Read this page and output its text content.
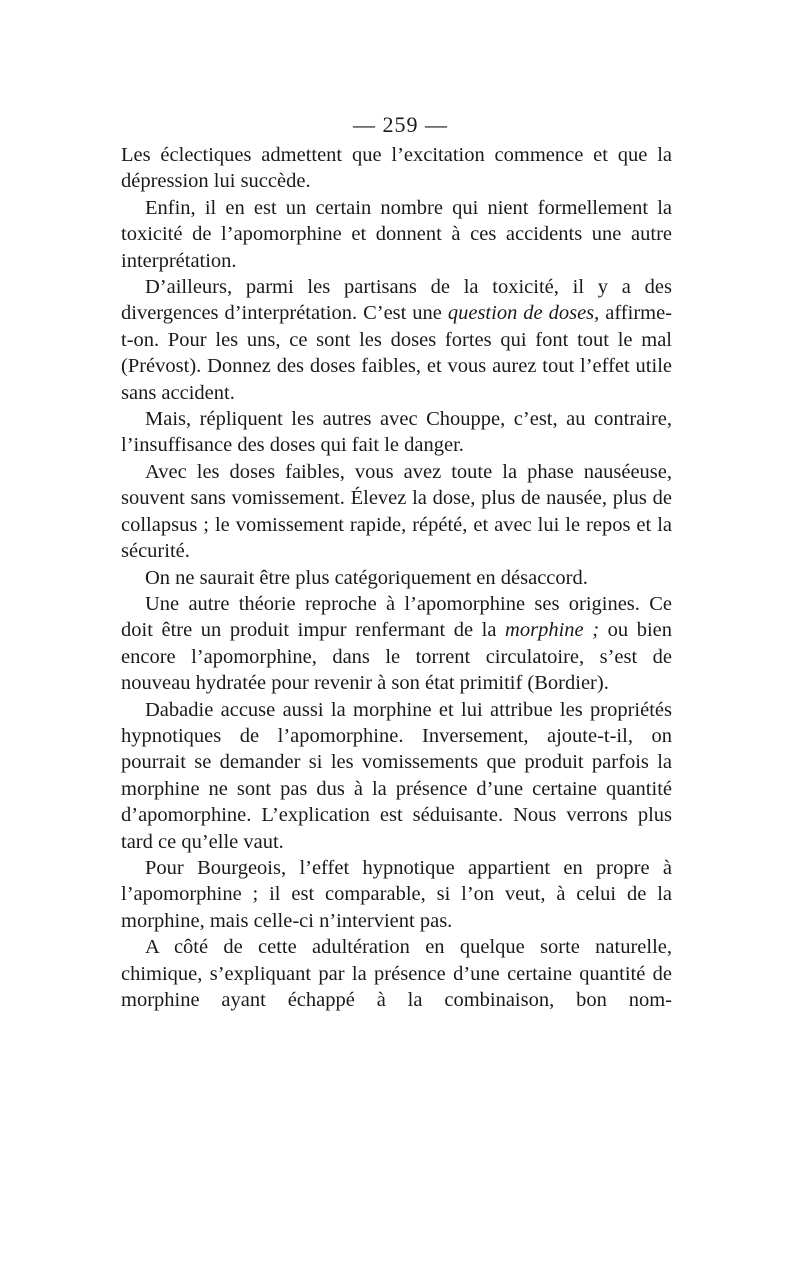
— 259 —

Les éclectiques admettent que l’excitation commence et que la dépression lui succède.

Enfin, il en est un certain nombre qui nient formellement la toxicité de l’apomorphine et donnent à ces accidents une autre interprétation.

D’ailleurs, parmi les partisans de la toxicité, il y a des divergences d’interprétation. C’est une question de doses, affirme-t-on. Pour les uns, ce sont les doses fortes qui font tout le mal (Prévost). Donnez des doses faibles, et vous aurez tout l’effet utile sans accident.

Mais, répliquent les autres avec Chouppe, c’est, au contraire, l’insuffisance des doses qui fait le danger.

Avec les doses faibles, vous avez toute la phase nauséeuse, souvent sans vomissement. Élevez la dose, plus de nausée, plus de collapsus ; le vomissement rapide, répété, et avec lui le repos et la sécurité.

On ne saurait être plus catégoriquement en désaccord.

Une autre théorie reproche à l’apomorphine ses origines. Ce doit être un produit impur renfermant de la morphine ; ou bien encore l’apomorphine, dans le torrent circulatoire, s’est de nouveau hydratée pour revenir à son état primitif (Bordier).

Dabadie accuse aussi la morphine et lui attribue les propriétés hypnotiques de l’apomorphine. Inversement, ajoute-t-il, on pourrait se demander si les vomissements que produit parfois la morphine ne sont pas dus à la présence d’une certaine quantité d’apomorphine. L’explication est séduisante. Nous verrons plus tard ce qu’elle vaut.

Pour Bourgeois, l’effet hypnotique appartient en propre à l’apomorphine ; il est comparable, si l’on veut, à celui de la morphine, mais celle-ci n’intervient pas.

A côté de cette adultération en quelque sorte naturelle, chimique, s’expliquant par la présence d’une certaine quantité de morphine ayant échappé à la combinaison, bon nom-
